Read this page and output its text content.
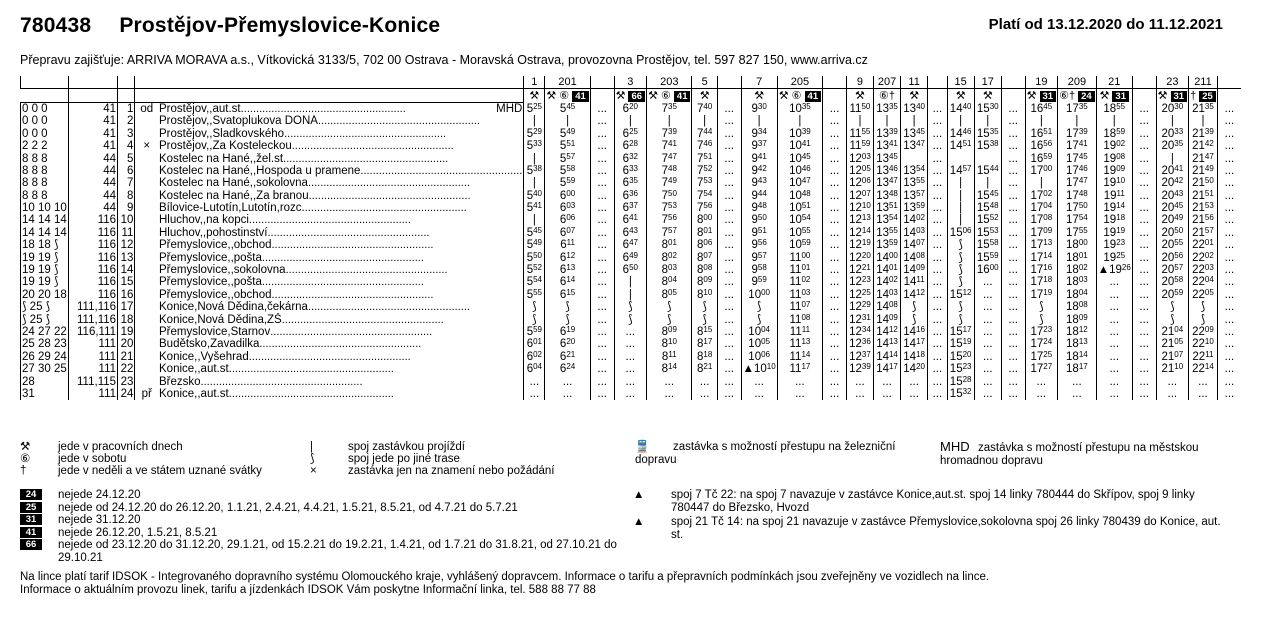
780438 Prostějov-Přemyslovice-Konice	Platí od 13.12.2020 do 11.12.2021
Přepravu zajišťuje: ARRIVA MORAVA a.s., Vítkovická 3133/5, 702 00 Ostrava - Moravská Ostrava, provozovna Prostějov, tel. 597 827 150, www.arriva.cz
					1	201		3	203	5		7	205		9	207	11		15	17		19	209	21		23	211	
					⚒	⚒ ⑥ 41		⚒ 66	⚒ ⑥ 41	⚒		⚒	⚒ ⑥ 41		⚒	⑥†	⚒		⚒	⚒		⚒ 31	⑥† 24	⚒ 31		⚒ 31	† 25	
0 0 0	41	1	od	Prostějov,,aut.st...................................................... MHD	$5^{25}$	$5^{45}$	...	$6^{20}$	$7^{35}$	$7^{40}$	...	$9^{30}$	$10^{35}$	...	$11^{50}$	$13^{35}$	$13^{40}$	...	$14^{40}$	$15^{30}$	...	$16^{45}$	$17^{35}$	$18^{55}$	...	$20^{30}$	$21^{35}$	...
0 0 0	41	2		Prostějov,,Svatoplukova DONA.....................................................	|	|	...	|	|	|	...	|	|	...	|	|	|	...	|	|	...	|	|	|	...	|	|	...
0 0 0	41	3		Prostějov,,Sladkovského.....................................................	$5^{29}$	$5^{49}$	...	$6^{25}$	$7^{39}$	$7^{44}$	...	$9^{34}$	$10^{39}$	...	$11^{55}$	$13^{39}$	$13^{45}$	...	$14^{46}$	$15^{35}$	...	$16^{51}$	$17^{39}$	$18^{59}$	...	$20^{33}$	$21^{39}$	...
2 2 2	41	4	×	Prostějov,,Za Kosteleckou.....................................................	$5^{33}$	$5^{51}$	...	$6^{28}$	$7^{41}$	$7^{46}$	...	$9^{37}$	$10^{41}$	...	$11^{59}$	$13^{41}$	$13^{47}$	...	$14^{51}$	$15^{38}$	...	$16^{56}$	$17^{41}$	$19^{02}$	...	$20^{35}$	$21^{42}$	...
8 8 8	44	5		Kostelec na Hané,,žel.st......................................................	|	$5^{57}$	...	$6^{32}$	$7^{47}$	$7^{51}$	...	$9^{41}$	$10^{45}$	...	$12^{03}$	$13^{45}$		...			...	$16^{59}$	$17^{45}$	$19^{08}$	...	|	$21^{47}$	...
8 8 8	44	6		Kostelec na Hané,,Hospoda u pramene.....................................................	$5^{38}$	$5^{58}$	...	$6^{33}$	$7^{48}$	$7^{52}$	...	$9^{42}$	$10^{46}$	...	$12^{05}$	$13^{46}$	$13^{54}$	...	$14^{57}$	$15^{44}$	...	$17^{00}$	$17^{46}$	$19^{09}$	...	$20^{41}$	$21^{49}$	...
8 8 8	44	7		Kostelec na Hané,,sokolovna.....................................................	|	$5^{59}$	...	$6^{35}$	$7^{49}$	$7^{53}$	...	$9^{43}$	$10^{47}$	...	$12^{06}$	$13^{47}$	$13^{55}$	...	|	|	...	|	$17^{47}$	$19^{10}$	...	$20^{42}$	$21^{50}$	...
8 8 8	44	8		Kostelec na Hané,,Za branou.....................................................	$5^{40}$	$6^{00}$	...	$6^{36}$	$7^{50}$	$7^{54}$	...	$9^{44}$	$10^{48}$	...	$12^{07}$	$13^{48}$	$13^{57}$	...	|	$15^{45}$	...	$17^{02}$	$17^{48}$	$19^{11}$	...	$20^{43}$	$21^{51}$	...
10 10 10	44	9		Bílovice-Lutotín,Lutotín,rozc......................................................	$5^{41}$	$6^{03}$	...	$6^{37}$	$7^{53}$	$7^{56}$	...	$9^{48}$	$10^{51}$	...	$12^{10}$	$13^{51}$	$13^{59}$	...	|	$15^{48}$	...	$17^{04}$	$17^{50}$	$19^{14}$	...	$20^{45}$	$21^{53}$	...
14 14 14	116	10		Hluchov,,na kopci.....................................................	|	$6^{06}$	...	$6^{41}$	$7^{56}$	$8^{00}$	...	$9^{50}$	$10^{54}$	...	$12^{13}$	$13^{54}$	$14^{02}$	...	|	$15^{52}$	...	$17^{08}$	$17^{54}$	$19^{18}$	...	$20^{49}$	$21^{56}$	...
14 14 14	116	11		Hluchov,,pohostinství.....................................................	$5^{45}$	$6^{07}$	...	$6^{43}$	$7^{57}$	$8^{01}$	...	$9^{51}$	$10^{55}$	...	$12^{14}$	$13^{55}$	$14^{03}$	...	$15^{06}$	$15^{53}$	...	$17^{09}$	$17^{55}$	$19^{19}$	...	$20^{50}$	$21^{57}$	...
18 18 ⟆	116	12		Přemyslovice,,obchod.....................................................	$5^{49}$	$6^{11}$	...	$6^{47}$	$8^{01}$	$8^{06}$	...	$9^{56}$	$10^{59}$	...	$12^{19}$	$13^{59}$	$14^{07}$	...	⟆	$15^{58}$	...	$17^{13}$	$18^{00}$	$19^{23}$	...	$20^{55}$	$22^{01}$	...
19 19 ⟆	116	13		Přemyslovice,,pošta.....................................................	$5^{50}$	$6^{12}$	...	$6^{49}$	$8^{02}$	$8^{07}$	...	$9^{57}$	$11^{00}$	...	$12^{20}$	$14^{00}$	$14^{08}$	...	⟆	$15^{59}$	...	$17^{14}$	$18^{01}$	$19^{25}$	...	$20^{56}$	$22^{02}$	...
19 19 ⟆	116	14		Přemyslovice,,sokolovna.....................................................	$5^{52}$	$6^{13}$	...	$6^{50}$	$8^{03}$	$8^{08}$	...	$9^{58}$	$11^{01}$	...	$12^{21}$	$14^{01}$	$14^{09}$	...	⟆	$16^{00}$	...	$17^{16}$	$18^{02}$	$▲19^{26}$	...	$20^{57}$	$22^{03}$	...
19 19 ⟆	116	15		Přemyslovice,,pošta.....................................................	$5^{54}$	$6^{14}$	...	|	$8^{04}$	$8^{09}$	...	$9^{59}$	$11^{02}$	...	$12^{23}$	$14^{02}$	$14^{11}$	...	⟆	...	...	$17^{18}$	$18^{03}$	...	...	$20^{58}$	$22^{04}$	...
20 20 18	116	16		Přemyslovice,,obchod.....................................................	$5^{55}$	$6^{15}$	...	|	$8^{05}$	$8^{10}$	...	$10^{00}$	$11^{03}$	...	$12^{25}$	$14^{03}$	$14^{12}$	...	$15^{12}$	...	...	$17^{19}$	$18^{04}$	...	...	$20^{59}$	$22^{05}$	...
⟆ 25 ⟆	111,116	17		Konice,Nová Dědina,čekárna.....................................................	⟆	⟆	...	⟆	⟆	⟆	...	⟆	$11^{07}$	...	$12^{29}$	$14^{08}$	⟆	...	⟆	...	...	⟆	$18^{08}$	...	...	⟆	⟆	...
⟆ 25 ⟆	111,116	18		Konice,Nová Dědina,ZŠ.....................................................	⟆	⟆	...	⟆	⟆	⟆	...	⟆	$11^{08}$	...	$12^{31}$	$14^{09}$	⟆	...	⟆	...	...	⟆	$18^{09}$	...	...	⟆	⟆	...
24 27 22	116,111	19		Přemyslovice,Štarnov.....................................................	$5^{59}$	$6^{19}$	...	...	$8^{09}$	$8^{15}$	...	$10^{04}$	$11^{11}$	...	$12^{34}$	$14^{12}$	$14^{16}$	...	$15^{17}$	...	...	$17^{23}$	$18^{12}$	...	...	$21^{04}$	$22^{09}$	...
25 28 23	111	20		Budětsko,Zavadilka.....................................................	$6^{01}$	$6^{20}$	...	...	$8^{10}$	$8^{17}$	...	$10^{05}$	$11^{13}$	...	$12^{36}$	$14^{13}$	$14^{17}$	...	$15^{19}$	...	...	$17^{24}$	$18^{13}$	...	...	$21^{05}$	$22^{10}$	...
26 29 24	111	21		Konice,,Vyšehrad.....................................................	$6^{02}$	$6^{21}$	...	...	$8^{11}$	$8^{18}$	...	$10^{06}$	$11^{14}$	...	$12^{37}$	$14^{14}$	$14^{18}$	...	$15^{20}$	...	...	$17^{25}$	$18^{14}$	...	...	$21^{07}$	$22^{11}$	...
27 30 25	111	22		Konice,,aut.st......................................................	$6^{04}$	$6^{24}$	...	...	$8^{14}$	$8^{21}$	...	$▲10^{10}$	$11^{17}$	...	$12^{39}$	$14^{17}$	$14^{20}$	...	$15^{23}$	...	...	$17^{27}$	$18^{17}$	...	...	$21^{10}$	$22^{14}$	...
28	111,115	23		Březsko.....................................................	...	...	...	...	...	...	...	...	...	...	...	...	...	...	$15^{28}$	...	...	...	...	...	...	...	...	...
31	111	24	př	Konice,,aut.st......................................................	...	...	...	...	...	...	...	...	...	...	...	...	...	...	$15^{32}$	...	...	...	...	...	...	...	...	...
⚒ jede v pracovních dnech
⑥ jede v sobotu
†	jede v neděli a ve státem uznané svátky
|	spoj zastávkou projíždí
⟆	spoj jede po jiné trase
×	zastávka jen na znamení nebo požádání
🚆 zastávka s možností přestupu na železniční dopravu
MHD zastávka s možností přestupu na městskou hromadnou dopravu
24	nejede 24.12.20
25	nejede od 24.12.20 do 26.12.20, 1.1.21, 2.4.21, 4.4.21, 1.5.21, 8.5.21, od 4.7.21 do 5.7.21
31	nejede 31.12.20
41	nejede 26.12.20, 1.5.21, 8.5.21
66	nejede od 23.12.20 do 31.12.20, 29.1.21, od 15.2.21 do 19.2.21, 1.4.21, od 1.7.21 do 31.8.21, od 27.10.21 do 29.10.21
▲	spoj 7 Tč 22: na spoj 7 navazuje v zastávce Konice,aut.st. spoj 14 linky 780444 do Skřípov, spoj 9 linky 780447 do Březsko, Hvozd
▲	spoj 21 Tč 14: na spoj 21 navazuje v zastávce Přemyslovice,sokolovna spoj 26 linky 780439 do Konice, aut. st.
Na lince platí tarif IDSOK - Integrovaného dopravního systému Olomouckého kraje, vyhlášený dopravcem. Informace o tarifu a přepravních podmínkách jsou zveřejněny ve vozidlech na lince.
Informace o aktuálním provozu linek, tarifu a jízdenkách IDSOK Vám poskytne Informační linka, tel. 588 88 77 88
